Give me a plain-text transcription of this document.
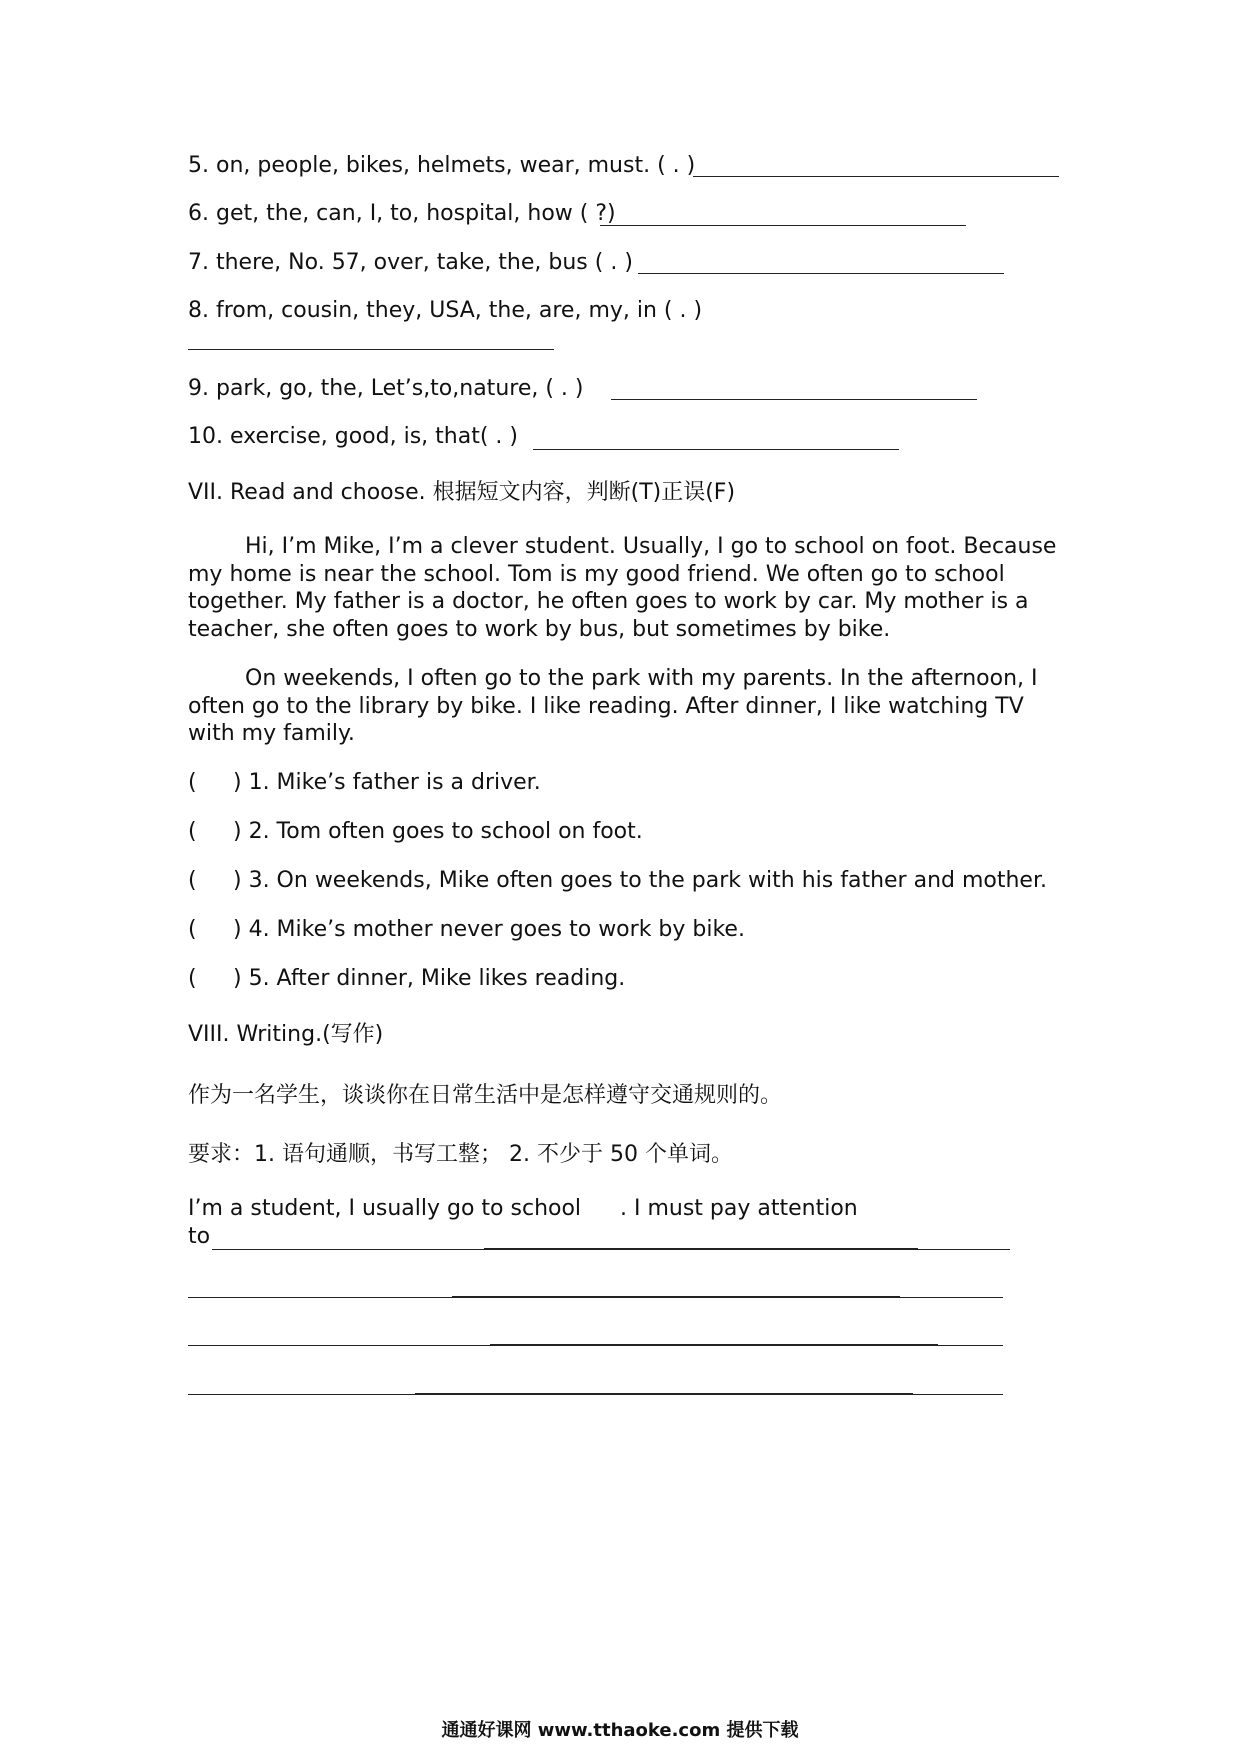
5. on, people, bikes, helmets, wear, must. ( . )
6. get, the, can, I, to, hospital, how ( ?)
7. there, No. 57, over, take, the, bus ( . )
8. from, cousin, they, USA, the, are, my, in ( . )
9. park, go, the, Let’s,to,nature, ( . )
10. exercise, good, is, that( . )
VII. Read and choose. 根据短文内容，判断(T)正误(F)
Hi, I’m Mike, I’m a clever student. Usually, I go to school on foot. Because my home is near the school. Tom is my good friend. We often go to school together. My father is a doctor, he often goes to work by car. My mother is a teacher, she often goes to work by bus, but sometimes by bike.
On weekends, I often go to the park with my parents. In the afternoon, I often go to the library by bike. I like reading. After dinner, I like watching TV with my family.
( ) 1. Mike’s father is a driver.
( ) 2. Tom often goes to school on foot.
( ) 3. On weekends, Mike often goes to the park with his father and mother.
( ) 4. Mike’s mother never goes to work by bike.
( ) 5. After dinner, Mike likes reading.
VIII. Writing.(写作)
作为一名学生，谈谈你在日常生活中是怎样遵守交通规则的。
要求：1. 语句通顺，书写工整； 2. 不少于 50 个单词。
I’m a student, I usually go to school . I must pay attention
to
通通好课网 www.tthaoke.com 提供下载
